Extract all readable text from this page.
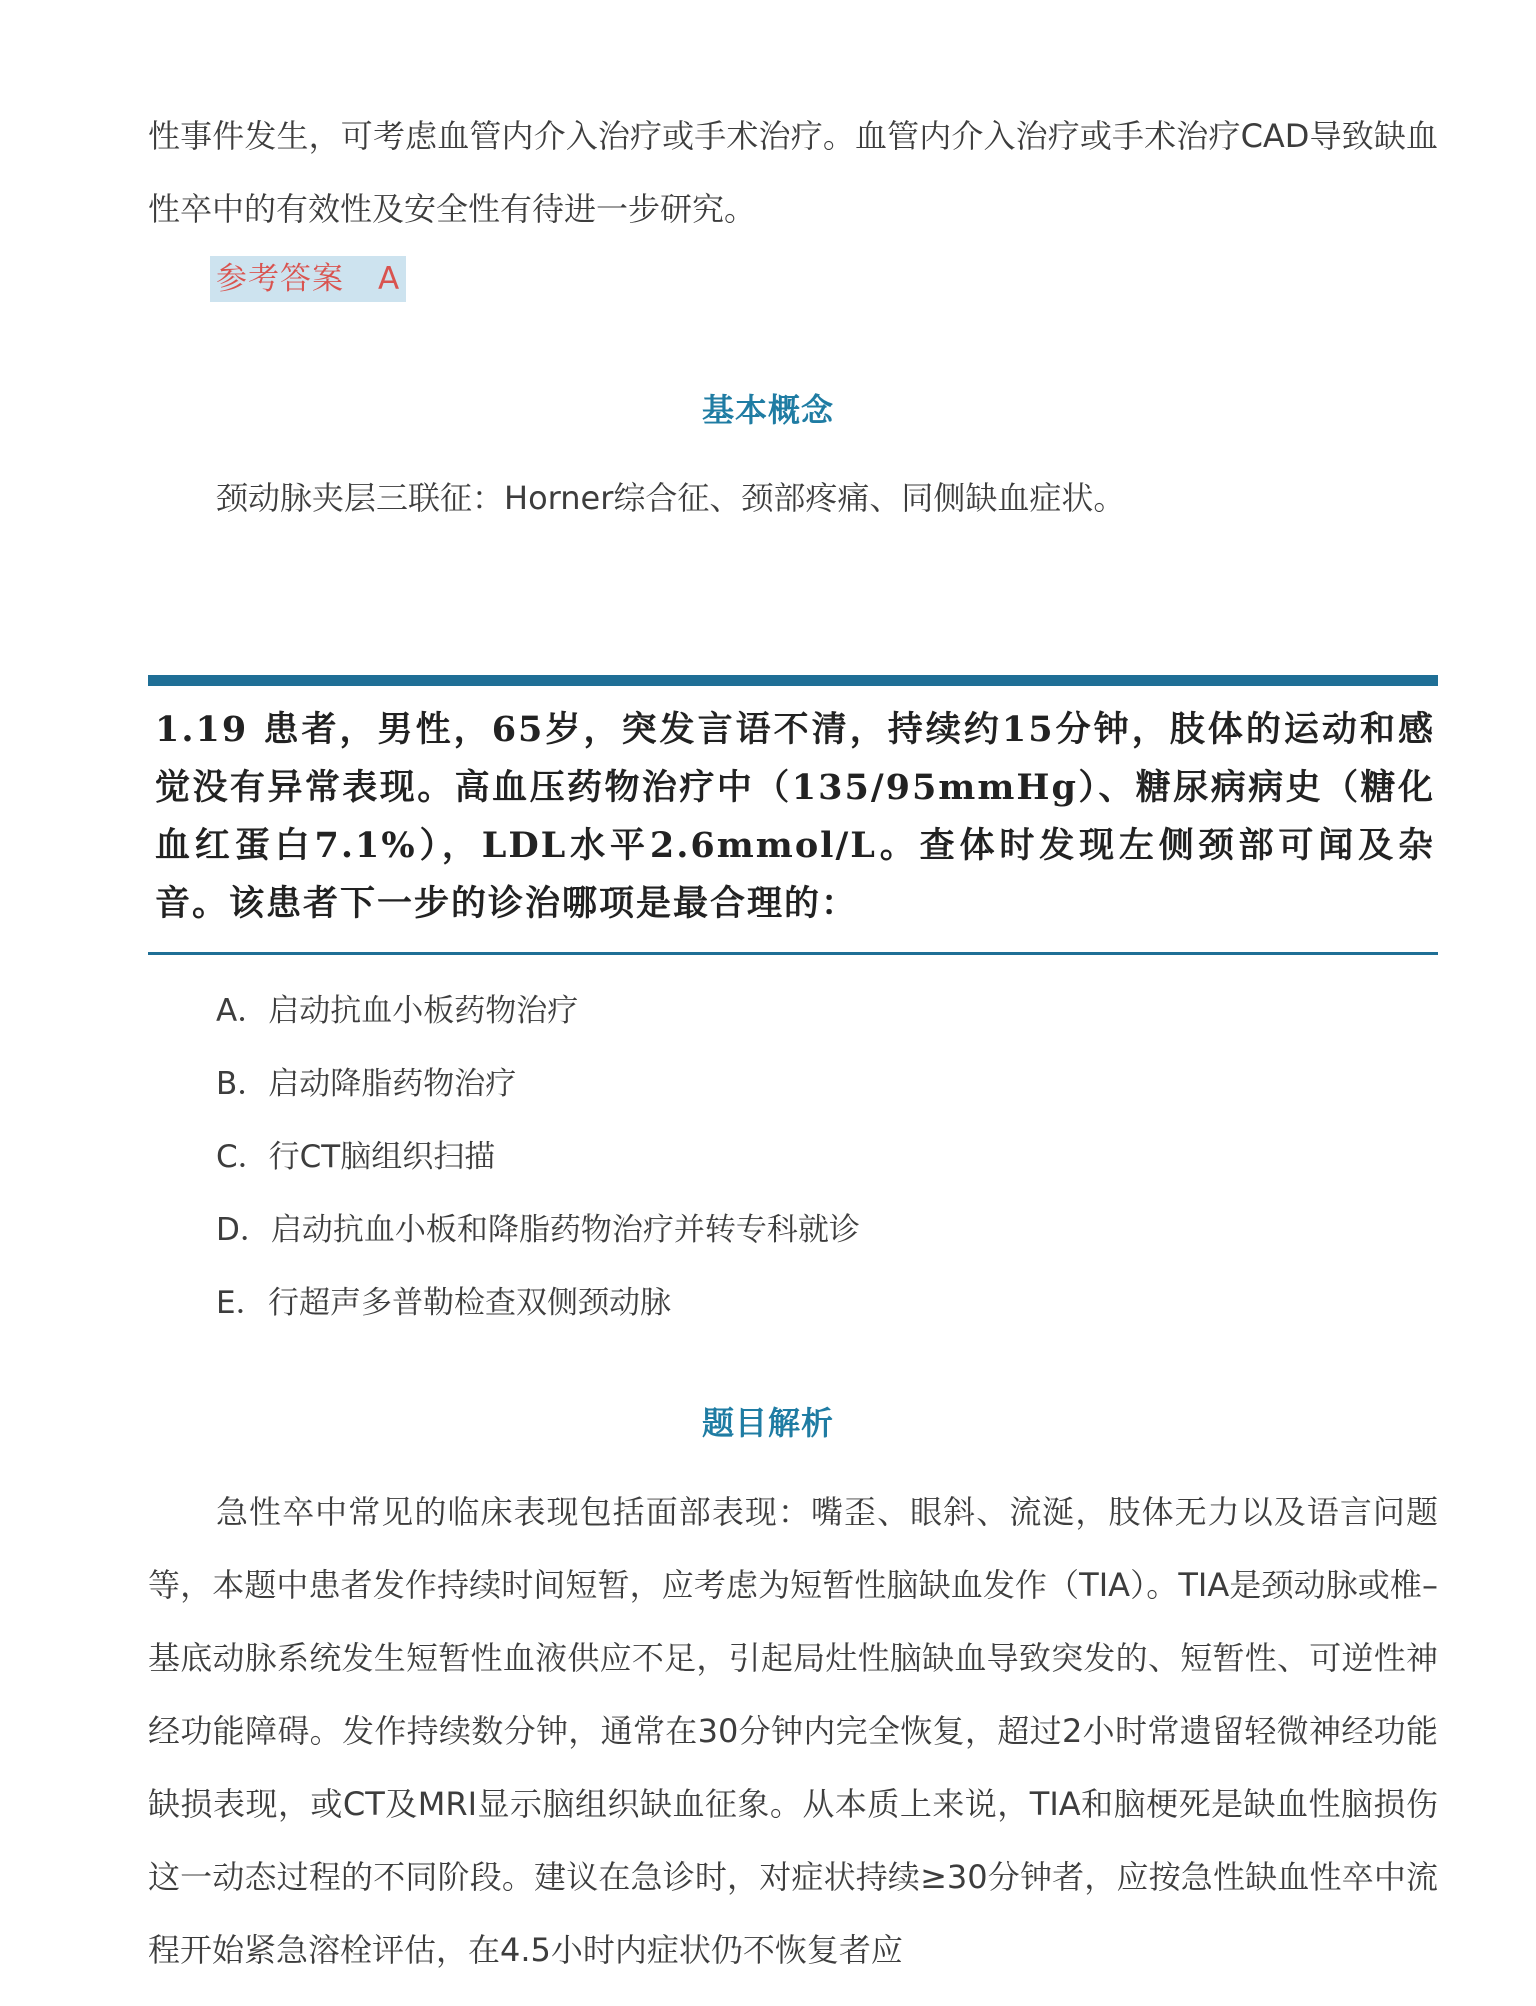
性事件发生，可考虑血管内介入治疗或手术治疗。血管内介入治疗或手术治疗CAD导致缺血性卒中的有效性及安全性有待进一步研究。
参考答案 A
基本概念
颈动脉夹层三联征：Horner综合征、颈部疼痛、同侧缺血症状。
1.19 患者，男性，65岁，突发言语不清，持续约15分钟，肢体的运动和感觉没有异常表现。高血压药物治疗中（135/95mmHg）、糖尿病病史（糖化血红蛋白7.1%），LDL水平2.6mmol/L。查体时发现左侧颈部可闻及杂音。该患者下一步的诊治哪项是最合理的：
A．启动抗血小板药物治疗
B．启动降脂药物治疗
C．行CT脑组织扫描
D．启动抗血小板和降脂药物治疗并转专科就诊
E．行超声多普勒检查双侧颈动脉
题目解析
急性卒中常见的临床表现包括面部表现：嘴歪、眼斜、流涎，肢体无力以及语言问题等，本题中患者发作持续时间短暂，应考虑为短暂性脑缺血发作（TIA）。TIA是颈动脉或椎–基底动脉系统发生短暂性血液供应不足，引起局灶性脑缺血导致突发的、短暂性、可逆性神经功能障碍。发作持续数分钟，通常在30分钟内完全恢复，超过2小时常遗留轻微神经功能缺损表现，或CT及MRI显示脑组织缺血征象。从本质上来说，TIA和脑梗死是缺血性脑损伤这一动态过程的不同阶段。建议在急诊时，对症状持续≥30分钟者，应按急性缺血性卒中流程开始紧急溶栓评估，在4.5小时内症状仍不恢复者应
